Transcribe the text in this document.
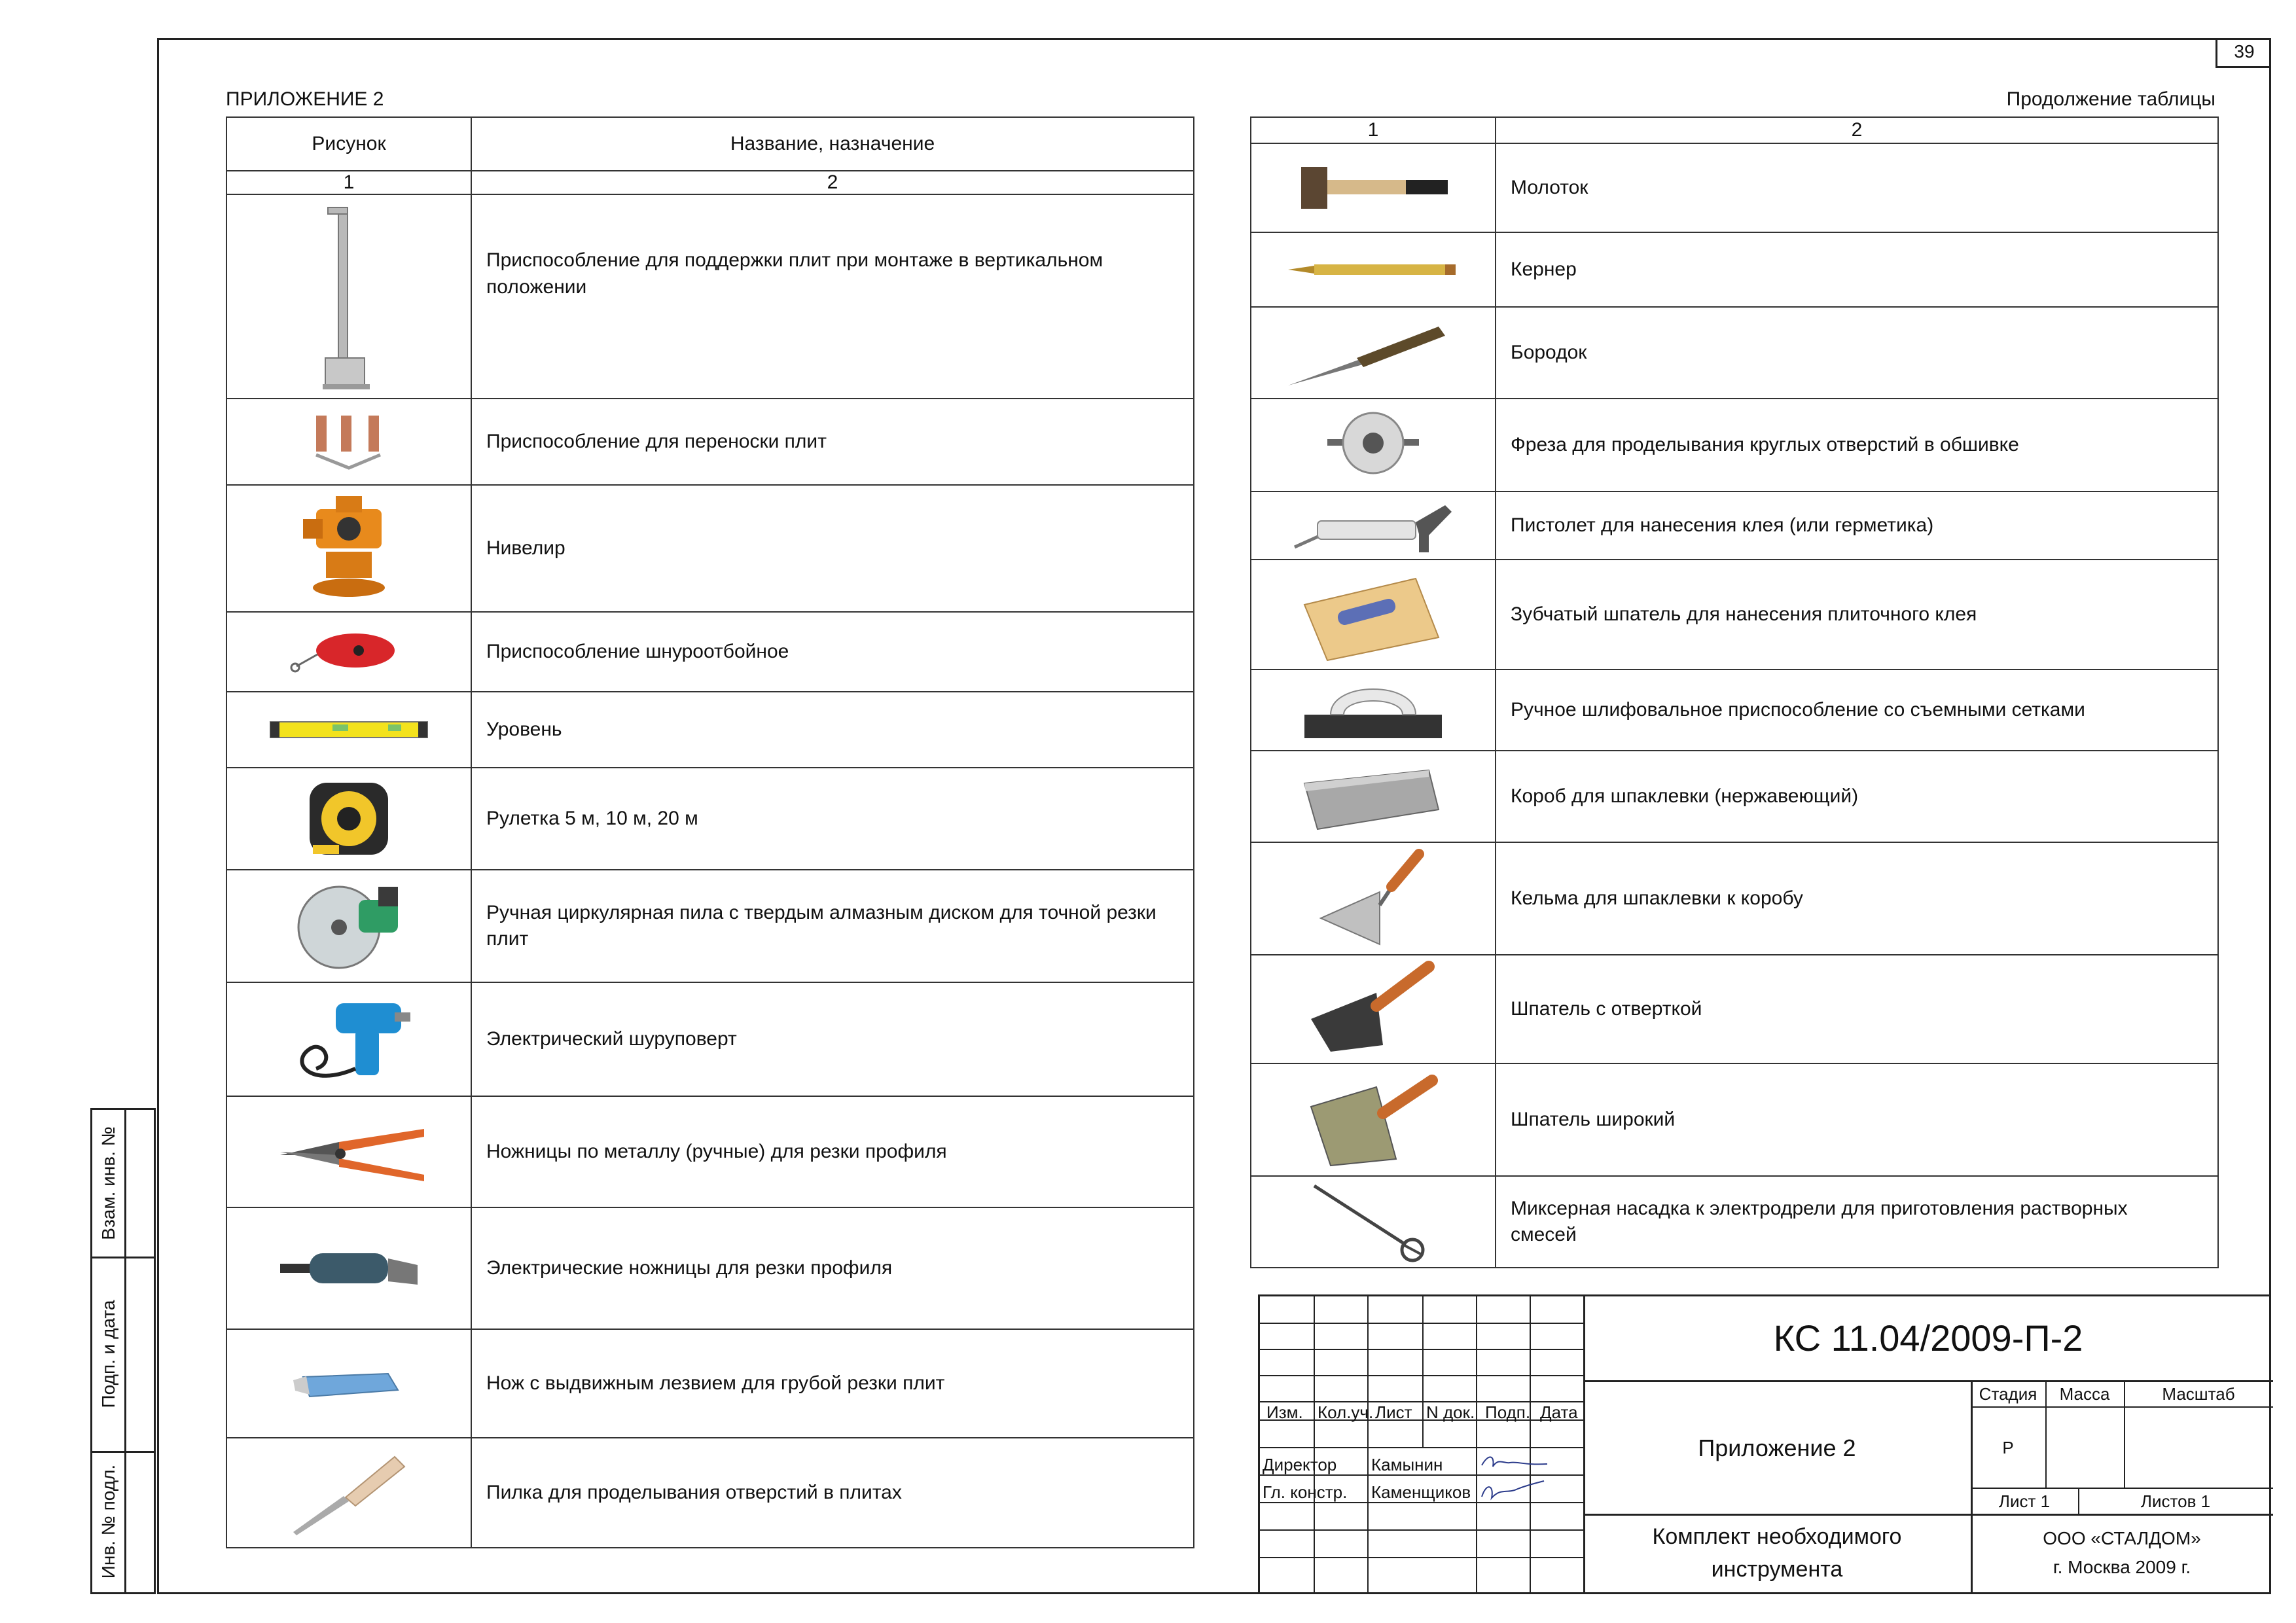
39
ПРИЛОЖЕНИЕ 2	Продолжение таблицы
Рисунок	Название, назначение
1	2

	Приспособление для поддержки плит при монтаже в вертикальном положении

	Приспособление для переноски плит

	Нивелир

	Приспособление шнуроотбойное

	Уровень

	Рулетка 5 м, 10 м, 20 м

	Ручная циркулярная пила с твердым алмазным диском для точной резки плит

	Электрический шуруповерт

	Ножницы по металлу (ручные) для резки профиля

	Электрические ножницы для резки профиля

	Нож с выдвижным лезвием для грубой резки плит

	Пилка для проделывания отверстий в плитах
1	2

	Молоток

	Кернер

	Бородок

	Фреза для проделывания круглых отверстий в обшивке

	Пистолет для нанесения клея (или герметика)

	Зубчатый шпатель для нанесения плиточного клея

	Ручное шлифовальное приспособление со съемными сетками

	Короб для шпаклевки (нержавеющий)

	Кельма для шпаклевки к коробу

	Шпатель с отверткой

	Шпатель широкий

	Миксерная насадка к электродрели для приготовления растворных смесей
Взам. инв. №
Подп. и дата
Инв. № подл.
Изм. Кол.уч. Лист N док. Подп. Дата
Директор Камынин
Гл. констр. Каменщиков
КС 11.04/2009-П-2
Приложение 2
Стадия	Масса	Масштаб
Р
Лист 1	Листов 1
Комплект необходимого
инструмента
ООО «СТАЛДОМ»
г. Москва 2009 г.
